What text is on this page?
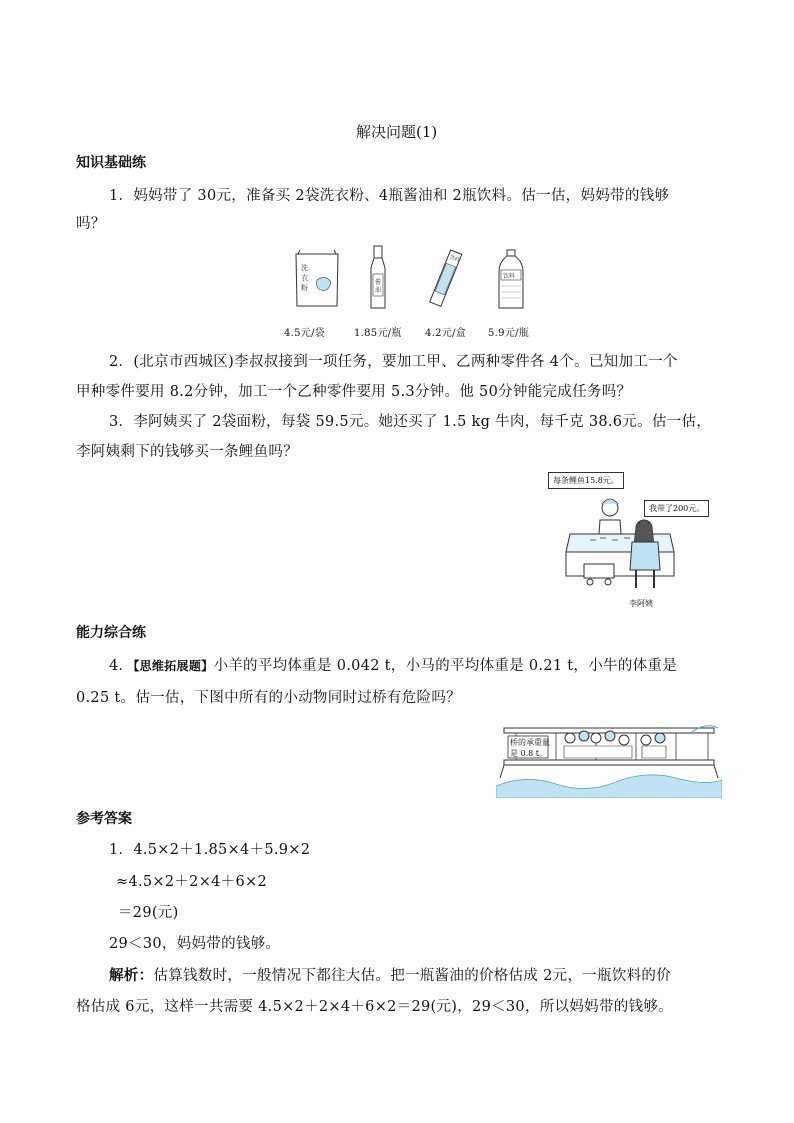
解决问题(1)
知识基础练
1．妈妈带了 30元，准备买 2袋洗衣粉、4瓶酱油和 2瓶饮料。估一估，妈妈带的钱够
吗？
洗
衣
粉
酱
油
饮料
饮料
4.5元/袋	1.85元/瓶 4.2元/盒 5.9元/瓶
2．(北京市西城区)李叔叔接到一项任务，要加工甲、乙两种零件各 4个。已知加工一个
甲种零件要用 8.2分钟，加工一个乙种零件要用 5.3分钟。他 50分钟能完成任务吗？
3．李阿姨买了 2袋面粉，每袋 59.5元。她还买了 1.5 kg 牛肉，每千克 38.6元。估一估，
李阿姨剩下的钱够买一条鲤鱼吗？
每条鲤鱼15.8元。
我带了200元。
李阿姨
能力综合练
4．【思维拓展题】小羊的平均体重是 0.042 t，小马的平均体重是 0.21 t，小牛的体重是
0.25 t。估一估，下图中所有的小动物同时过桥有危险吗？
桥的承重量
是 0.8 t。
参考答案
1．4.5×2＋1.85×4＋5.9×2
≈4.5×2＋2×4＋6×2
＝29(元)
29＜30，妈妈带的钱够。
解析：估算钱数时，一般情况下都往大估。把一瓶酱油的价格估成 2元，一瓶饮料的价
格估成 6元，这样一共需要 4.5×2＋2×4＋6×2＝29(元)，29＜30，所以妈妈带的钱够。
